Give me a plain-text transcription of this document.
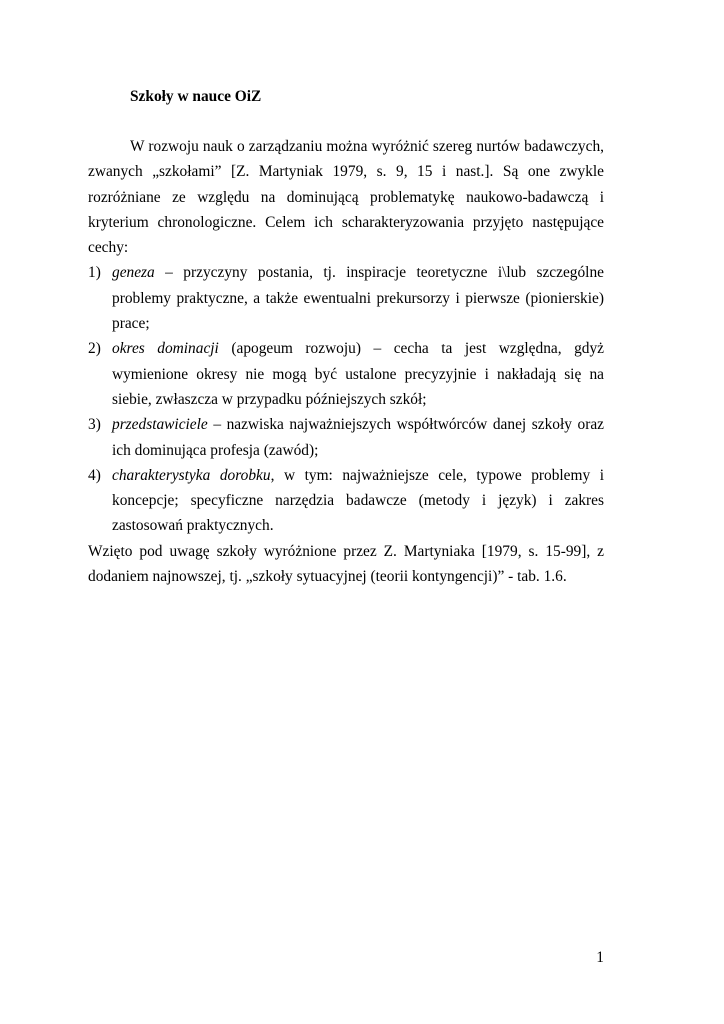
Szkoły w nauce OiZ

W rozwoju nauk o zarządzaniu można wyróżnić szereg nurtów badawczych, zwanych „szkołami” [Z. Martyniak 1979, s. 9, 15 i nast.]. Są one zwykle rozróżniane ze względu na dominującą problematykę naukowo-badawczą i kryterium chronologiczne. Celem ich scharakteryzowania przyjęto następujące cechy:

1) geneza – przyczyny postania, tj. inspiracje teoretyczne i\lub szczególne problemy praktyczne, a także ewentualni prekursorzy i pierwsze (pionierskie) prace;
2) okres dominacji (apogeum rozwoju) – cecha ta jest względna, gdyż wymienione okresy nie mogą być ustalone precyzyjnie i nakładają się na siebie, zwłaszcza w przypadku późniejszych szkół;
3) przedstawiciele – nazwiska najważniejszych współtwórców danej szkoły oraz ich dominująca profesja (zawód);
4) charakterystyka dorobku, w tym: najważniejsze cele, typowe problemy i koncepcje; specyficzne narzędzia badawcze (metody i język) i zakres zastosowań praktycznych.

Wzięto pod uwagę szkoły wyróżnione przez Z. Martyniaka [1979, s. 15-99], z dodaniem najnowszej, tj. „szkoły sytuacyjnej (teorii kontyngencji)” - tab. 1.6.

1
